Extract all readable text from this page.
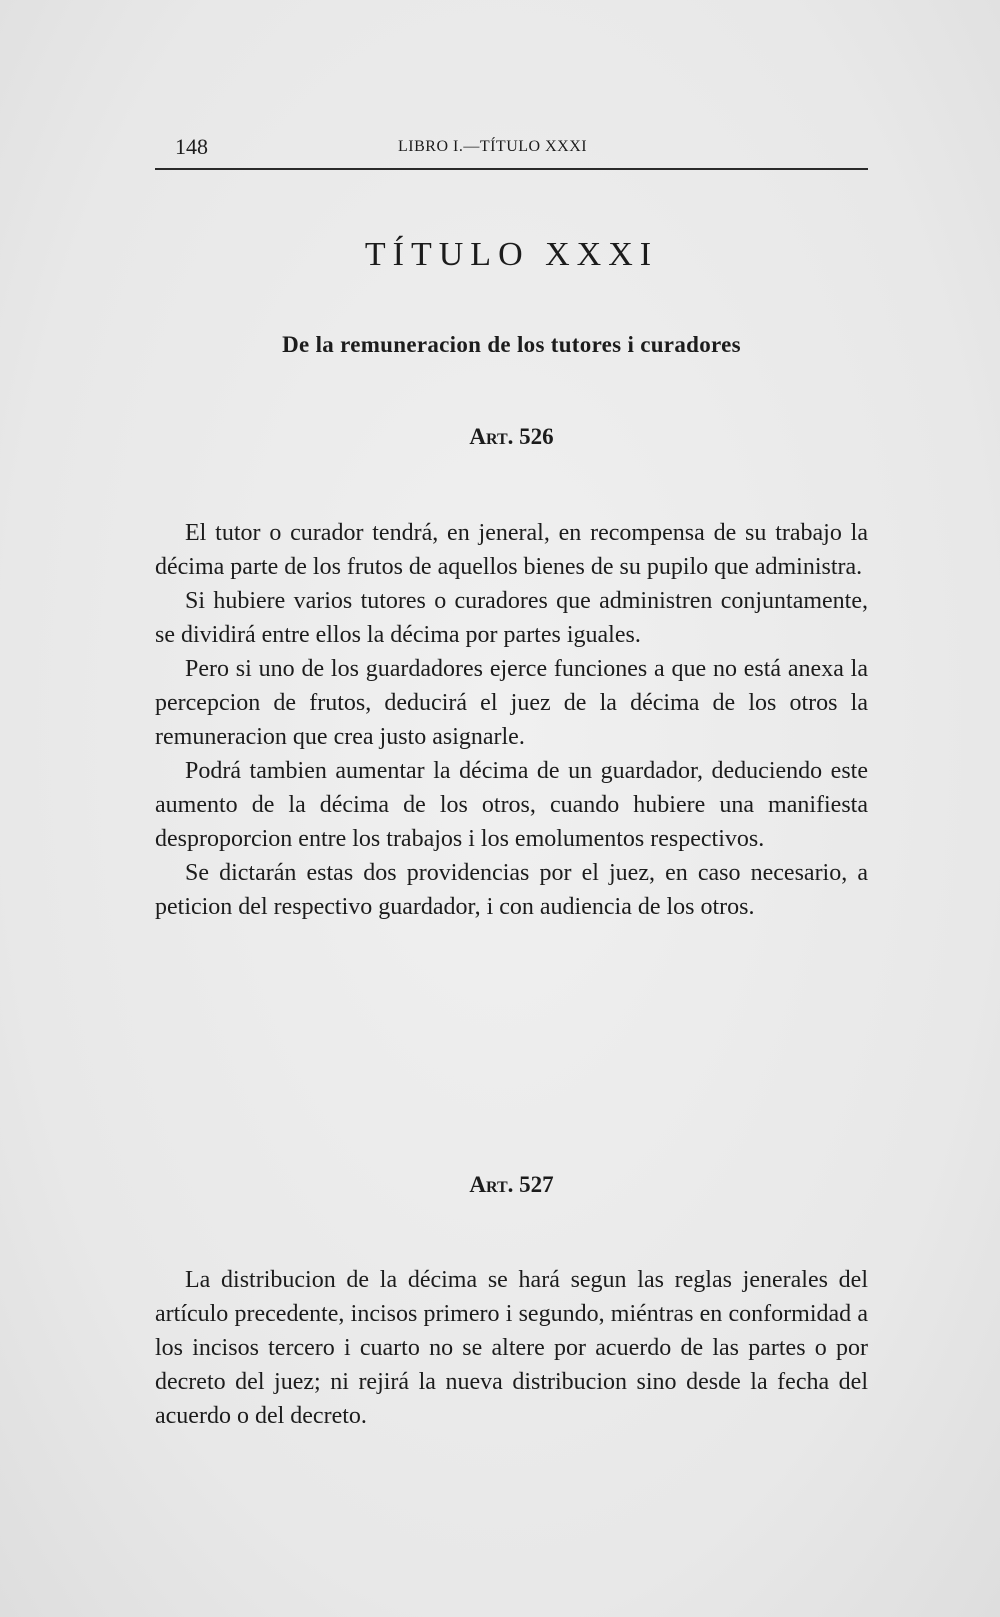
148	LIBRO I.—TÍTULO XXXI
TÍTULO XXXI
De la remuneracion de los tutores i curadores
Art. 526

El tutor o curador tendrá, en jeneral, en recompensa de su trabajo la décima parte de los frutos de aquellos bienes de su pupilo que administra.

Si hubiere varios tutores o curadores que administren conjuntamente, se dividirá entre ellos la décima por partes iguales.

Pero si uno de los guardadores ejerce funciones a que no está anexa la percepcion de frutos, deducirá el juez de la décima de los otros la remuneracion que crea justo asignarle.

Podrá tambien aumentar la décima de un guardador, deduciendo este aumento de la décima de los otros, cuando hubiere una manifiesta desproporcion entre los trabajos i los emolumentos respectivos.

Se dictarán estas dos providencias por el juez, en caso necesario, a peticion del respectivo guardador, i con audiencia de los otros.

Art. 527

La distribucion de la décima se hará segun las reglas jenerales del artículo precedente, incisos primero i segundo, miéntras en conformidad a los incisos tercero i cuarto no se altere por acuerdo de las partes o por decreto del juez; ni rejirá la nueva distribucion sino desde la fecha del acuerdo o del decreto.
